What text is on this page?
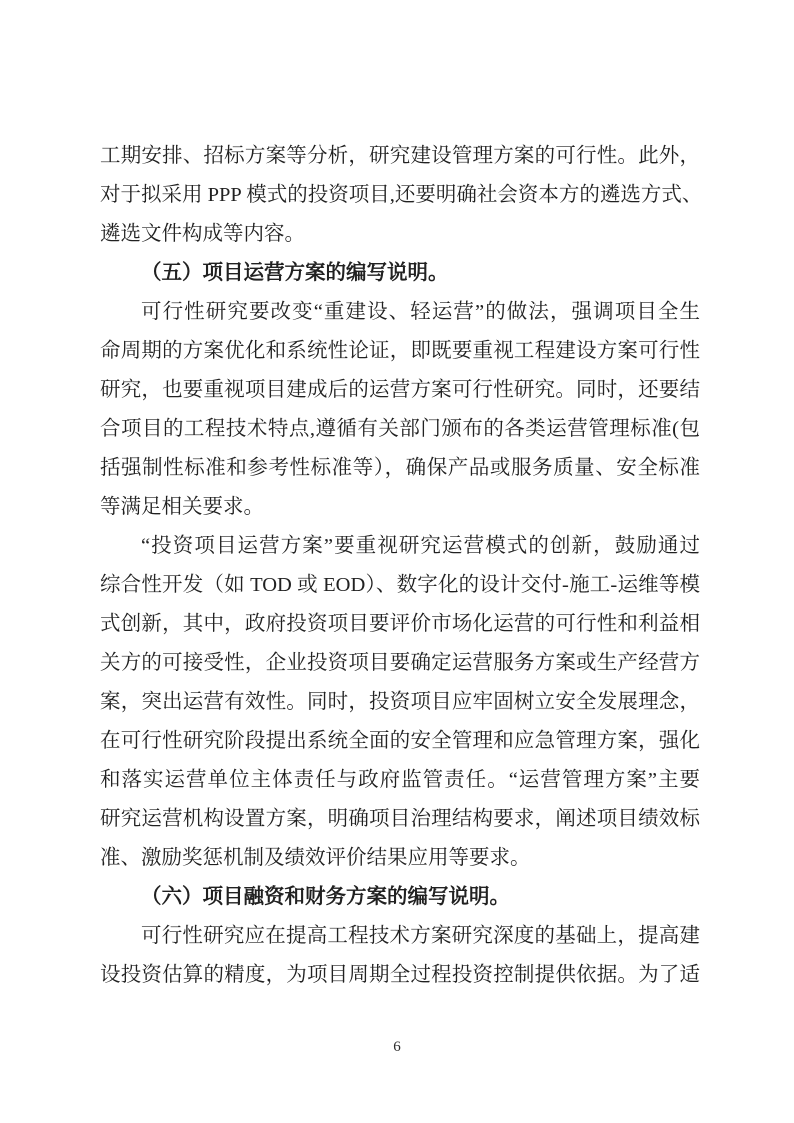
工期安排、招标方案等分析，研究建设管理方案的可行性。此外，
对于拟采用 PPP 模式的投资项目,还要明确社会资本方的遴选方式、
遴选文件构成等内容。
（五）项目运营方案的编写说明。
可行性研究要改变“重建设、轻运营”的做法，强调项目全生
命周期的方案优化和系统性论证，即既要重视工程建设方案可行性
研究，也要重视项目建成后的运营方案可行性研究。同时，还要结
合项目的工程技术特点,遵循有关部门颁布的各类运营管理标准(包
括强制性标准和参考性标准等），确保产品或服务质量、安全标准
等满足相关要求。
“投资项目运营方案”要重视研究运营模式的创新，鼓励通过
综合性开发（如 TOD 或 EOD）、数字化的设计交付-施工-运维等模
式创新，其中，政府投资项目要评价市场化运营的可行性和利益相
关方的可接受性，企业投资项目要确定运营服务方案或生产经营方
案，突出运营有效性。同时，投资项目应牢固树立安全发展理念，
在可行性研究阶段提出系统全面的安全管理和应急管理方案，强化
和落实运营单位主体责任与政府监管责任。“运营管理方案”主要
研究运营机构设置方案，明确项目治理结构要求，阐述项目绩效标
准、激励奖惩机制及绩效评价结果应用等要求。
（六）项目融资和财务方案的编写说明。
可行性研究应在提高工程技术方案研究深度的基础上，提高建
设投资估算的精度，为项目周期全过程投资控制提供依据。为了适
6
